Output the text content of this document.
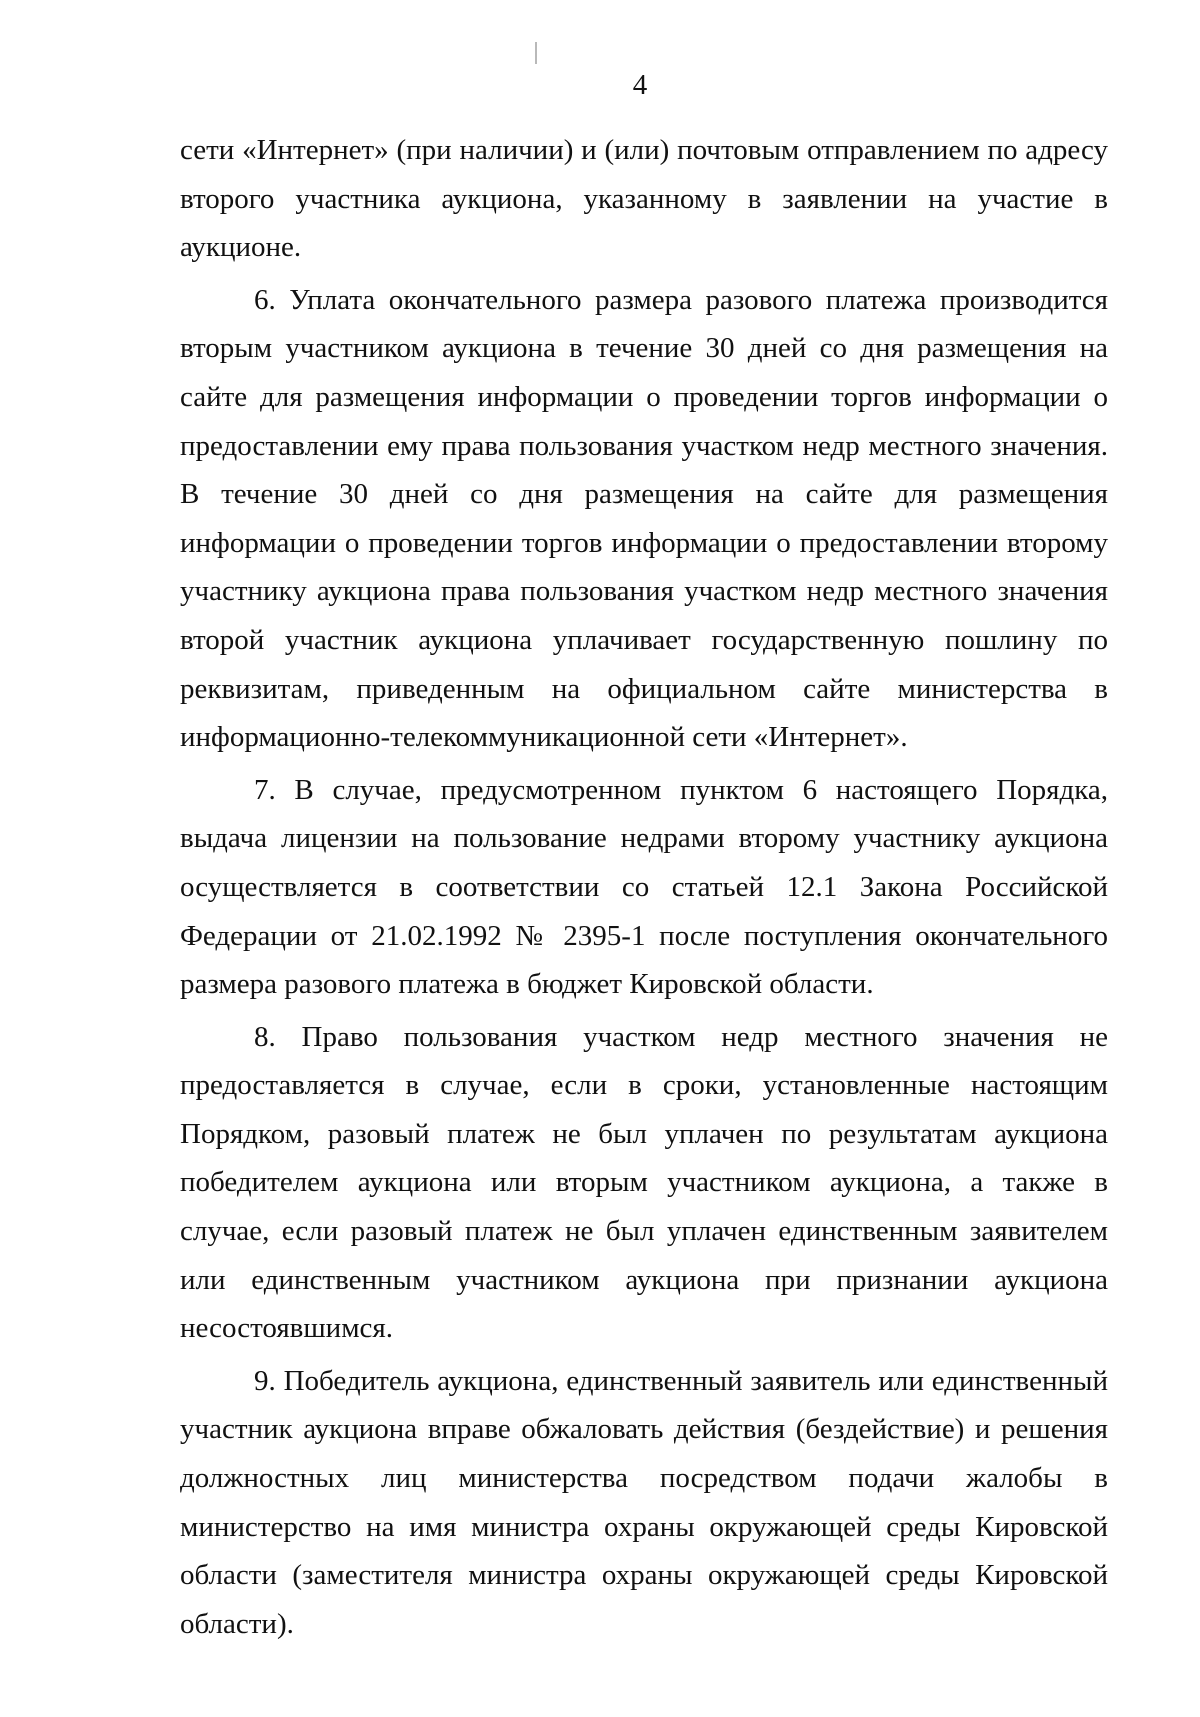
4

сети «Интернет» (при наличии) и (или) почтовым отправлением по адресу второго участника аукциона, указанному в заявлении на участие в аукционе.

6. Уплата окончательного размера разового платежа производится вторым участником аукциона в течение 30 дней со дня размещения на сайте для размещения информации о проведении торгов информации о предоставлении ему права пользования участком недр местного значения. В течение 30 дней со дня размещения на сайте для размещения информации о проведении торгов информации о предоставлении второму участнику аукциона права пользования участком недр местного значения второй участник аукциона уплачивает государственную пошлину по реквизитам, приведенным на официальном сайте министерства в информационно-телекоммуникационной сети «Интернет».

7. В случае, предусмотренном пунктом 6 настоящего Порядка, выдача лицензии на пользование недрами второму участнику аукциона осуществляется в соответствии со статьей 12.1 Закона Российской Федерации от 21.02.1992 № 2395-1 после поступления окончательного размера разового платежа в бюджет Кировской области.

8. Право пользования участком недр местного значения не предоставляется в случае, если в сроки, установленные настоящим Порядком, разовый платеж не был уплачен по результатам аукциона победителем аукциона или вторым участником аукциона, а также в случае, если разовый платеж не был уплачен единственным заявителем или единственным участником аукциона при признании аукциона несостоявшимся.

9. Победитель аукциона, единственный заявитель или единственный участник аукциона вправе обжаловать действия (бездействие) и решения должностных лиц министерства посредством подачи жалобы в министерство на имя министра охраны окружающей среды Кировской области (заместителя министра охраны окружающей среды Кировской области).
